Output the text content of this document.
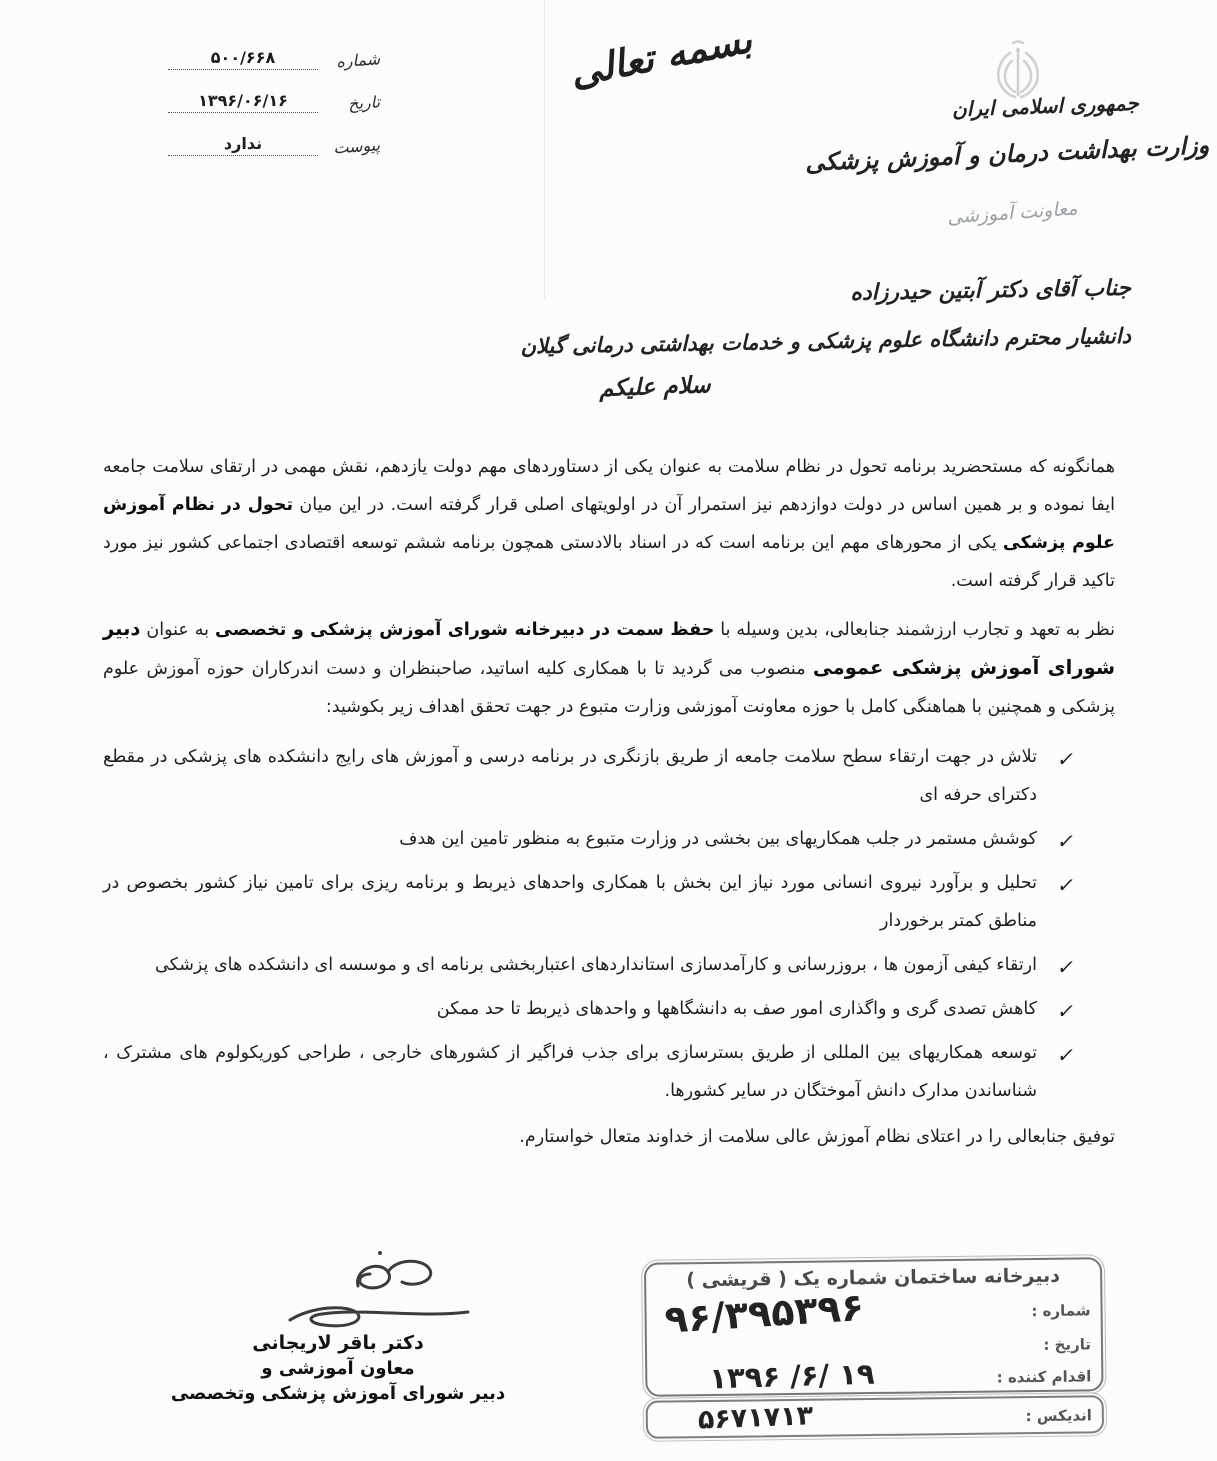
جمهوری اسلامی ایران
وزارت بهداشت درمان و آموزش پزشکی
معاونت آموزشی
بسمه تعالی
شماره
۵۰۰/۶۶۸
تاریخ
۱۳۹۶/۰۶/۱۶
پیوست
ندارد
جناب آقای دکتر آبتین حیدرزاده
دانشیار محترم دانشگاه علوم پزشکی و خدمات بهداشتی درمانی گیلان
سلام علیکم

همانگونه که مستحضرید برنامه تحول در نظام سلامت به عنوان یکی از دستاوردهای مهم دولت یازدهم، نقش مهمی در ارتقای سلامت جامعه ایفا نموده و بر همین اساس در دولت دوازدهم نیز استمرار آن در اولویتهای اصلی قرار گرفته است. در این میان تحول در نظام آموزش علوم پزشکی یکی از محورهای مهم این برنامه است که در اسناد بالادستی همچون برنامه ششم توسعه اقتصادی اجتماعی کشور نیز مورد تاکید قرار گرفته است.

نظر به تعهد و تجارب ارزشمند جنابعالی، بدین وسیله با حفظ سمت در دبیرخانه شورای آموزش پزشکی و تخصصی به عنوان دبیر شورای آموزش پزشکی عمومی منصوب می گردید تا با همکاری کلیه اساتید، صاحبنظران و دست اندرکاران حوزه آموزش علوم پزشکی و همچنین با هماهنگی کامل با حوزه معاونت آموزشی وزارت متبوع در جهت تحقق اهداف زیر بکوشید:

✓
تلاش در جهت ارتقاء سطح سلامت جامعه از طریق بازنگری در برنامه درسی و آموزش های رایج دانشکده های پزشکی در مقطع دکترای حرفه ای
✓
کوشش مستمر در جلب همکاریهای بین بخشی در وزارت متبوع به منظور تامین این هدف
✓
تحلیل و برآورد نیروی انسانی مورد نیاز این بخش با همکاری واحدهای ذیربط و برنامه ریزی برای تامین نیاز کشور بخصوص در مناطق کمتر برخوردار
✓
ارتقاء کیفی آزمون ها ، بروزرسانی و کارآمدسازی استانداردهای اعتباربخشی برنامه ای و موسسه ای دانشکده های پزشکی
✓
کاهش تصدی گری و واگذاری امور صف به دانشگاهها و واحدهای ذیربط تا حد ممکن
✓
توسعه همکاریهای بین المللی از طریق بسترسازی برای جذب فراگیر از کشورهای خارجی ، طراحی کوریکولوم های مشترک ، شناساندن مدارک دانش آموختگان در سایر کشورها.

توفیق جنابعالی را در اعتلای نظام آموزش عالی سلامت از خداوند متعال خواستارم.

دکتر باقر لاریجانی
معاون آموزشی و
دبیر شورای آموزش پزشکی وتخصصی
دبیرخانه ساختمان شماره یک ( قریشی )
شماره :
۹۶/۳۹۵۳۹۶
تاریخ :
اقدام کننده :
۱۳۹۶ /۶/ ۱۹
اندیکس :
۵۶۷۱۷۱۳
